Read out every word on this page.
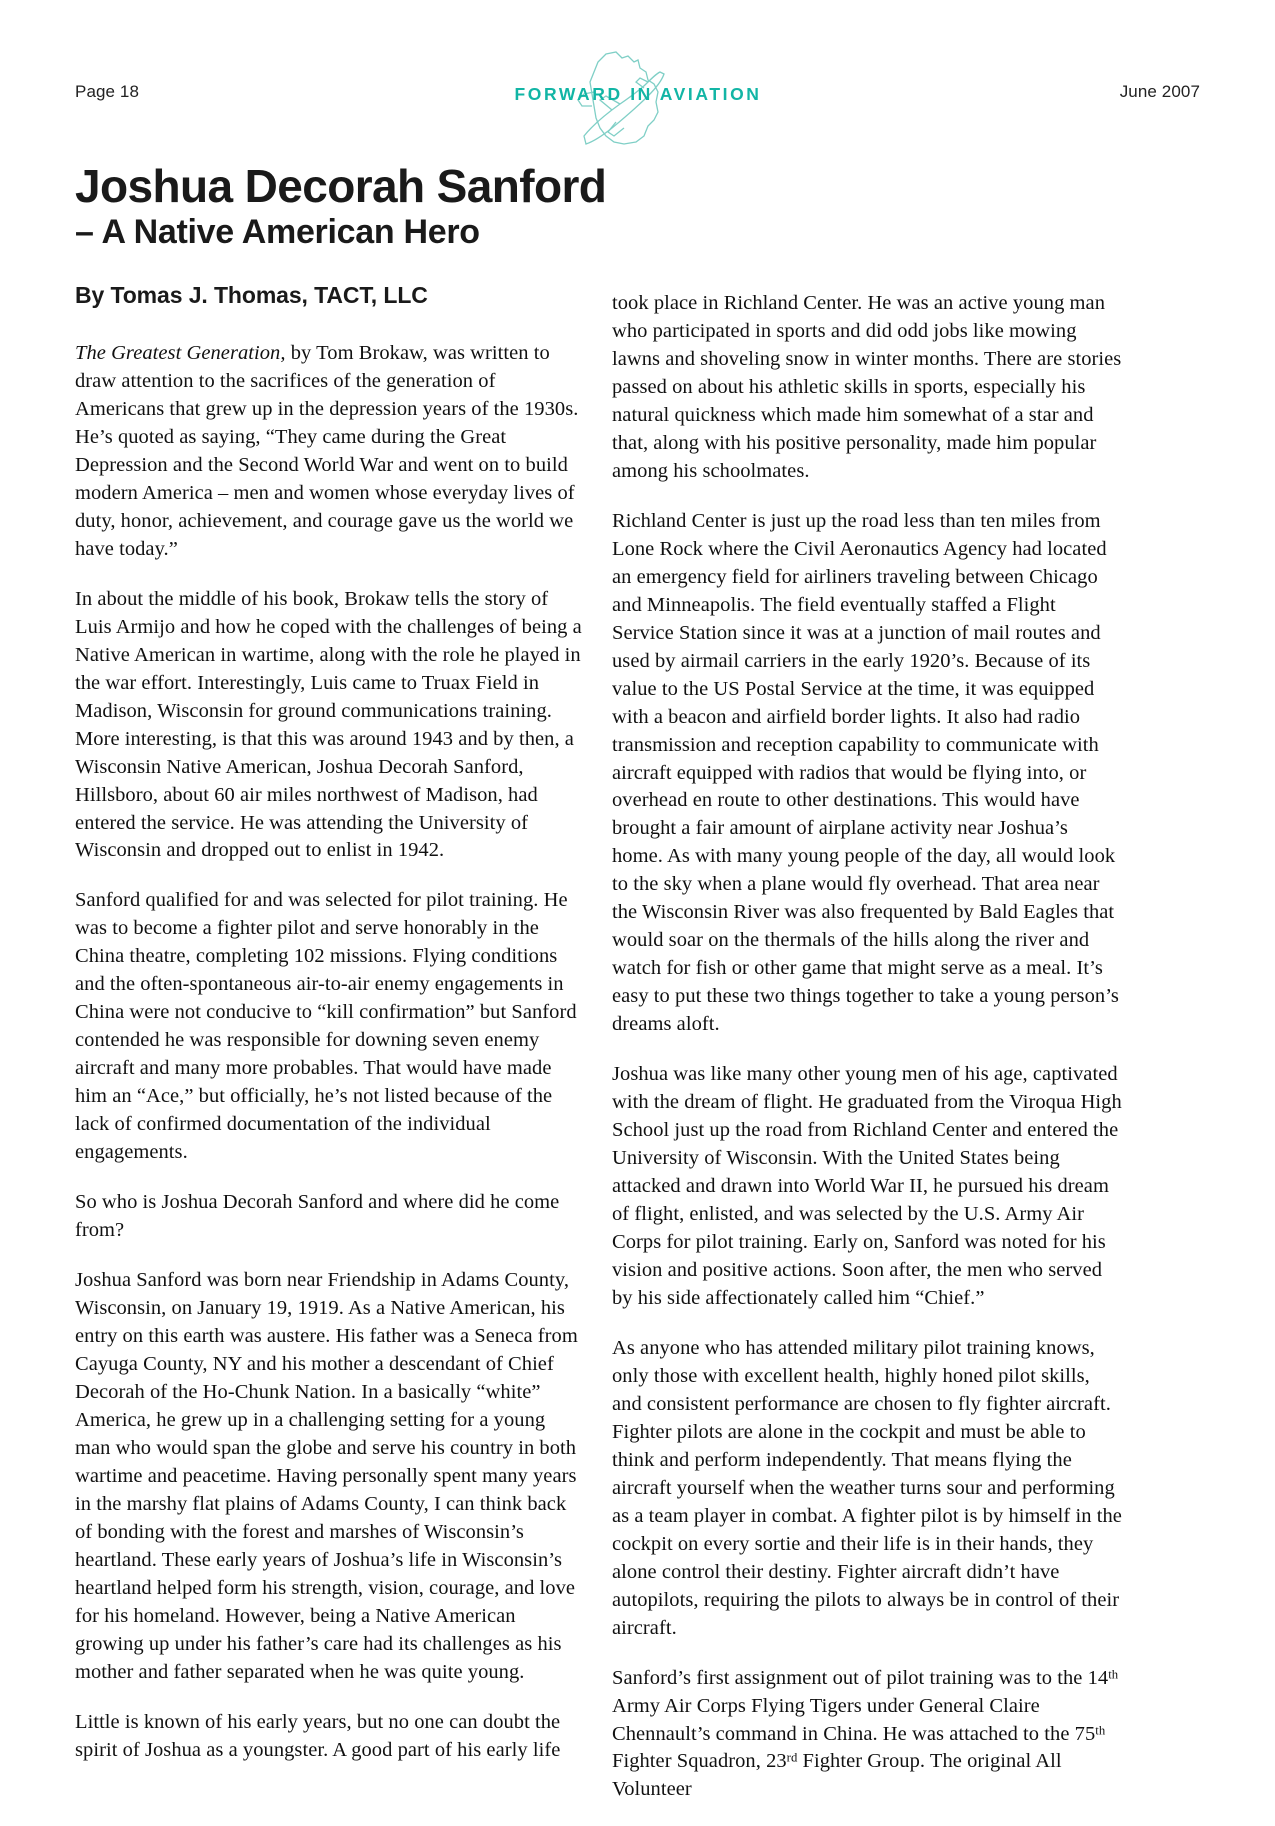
Page 18	FORWARD IN AVIATION	June 2007
Joshua Decorah Sanford
– A Native American Hero
By Tomas J. Thomas, TACT, LLC

The Greatest Generation, by Tom Brokaw, was written to draw attention to the sacrifices of the generation of Americans that grew up in the depression years of the 1930s. He’s quoted as saying, “They came during the Great Depression and the Second World War and went on to build modern America – men and women whose everyday lives of duty, honor, achievement, and courage gave us the world we have today.”

In about the middle of his book, Brokaw tells the story of Luis Armijo and how he coped with the challenges of being a Native American in wartime, along with the role he played in the war effort. Interestingly, Luis came to Truax Field in Madison, Wisconsin for ground communications training. More interesting, is that this was around 1943 and by then, a Wisconsin Native American, Joshua Decorah Sanford, Hillsboro, about 60 air miles northwest of Madison, had entered the service. He was attending the University of Wisconsin and dropped out to enlist in 1942.

Sanford qualified for and was selected for pilot training. He was to become a fighter pilot and serve honorably in the China theatre, completing 102 missions. Flying conditions and the often-spontaneous air-to-air enemy engagements in China were not conducive to “kill confirmation” but Sanford contended he was responsible for downing seven enemy aircraft and many more probables. That would have made him an “Ace,” but officially, he’s not listed because of the lack of confirmed documentation of the individual engagements.

So who is Joshua Decorah Sanford and where did he come from?

Joshua Sanford was born near Friendship in Adams County, Wisconsin, on January 19, 1919. As a Native American, his entry on this earth was austere. His father was a Seneca from Cayuga County, NY and his mother a descendant of Chief Decorah of the Ho-Chunk Nation. In a basically “white” America, he grew up in a challenging setting for a young man who would span the globe and serve his country in both wartime and peacetime. Having personally spent many years in the marshy flat plains of Adams County, I can think back of bonding with the forest and marshes of Wisconsin’s heartland. These early years of Joshua’s life in Wisconsin’s heartland helped form his strength, vision, courage, and love for his homeland. However, being a Native American growing up under his father’s care had its challenges as his mother and father separated when he was quite young.

Little is known of his early years, but no one can doubt the spirit of Joshua as a youngster. A good part of his early life

took place in Richland Center. He was an active young man who participated in sports and did odd jobs like mowing lawns and shoveling snow in winter months. There are stories passed on about his athletic skills in sports, especially his natural quickness which made him somewhat of a star and that, along with his positive personality, made him popular among his schoolmates.

Richland Center is just up the road less than ten miles from Lone Rock where the Civil Aeronautics Agency had located an emergency field for airliners traveling between Chicago and Minneapolis. The field eventually staffed a Flight Service Station since it was at a junction of mail routes and used by airmail carriers in the early 1920’s. Because of its value to the US Postal Service at the time, it was equipped with a beacon and airfield border lights. It also had radio transmission and reception capability to communicate with aircraft equipped with radios that would be flying into, or overhead en route to other destinations. This would have brought a fair amount of airplane activity near Joshua’s home. As with many young people of the day, all would look to the sky when a plane would fly overhead. That area near the Wisconsin River was also frequented by Bald Eagles that would soar on the thermals of the hills along the river and watch for fish or other game that might serve as a meal. It’s easy to put these two things together to take a young person’s dreams aloft.

Joshua was like many other young men of his age, captivated with the dream of flight. He graduated from the Viroqua High School just up the road from Richland Center and entered the University of Wisconsin. With the United States being attacked and drawn into World War II, he pursued his dream of flight, enlisted, and was selected by the U.S. Army Air Corps for pilot training. Early on, Sanford was noted for his vision and positive actions. Soon after, the men who served by his side affectionately called him “Chief.”

As anyone who has attended military pilot training knows, only those with excellent health, highly honed pilot skills, and consistent performance are chosen to fly fighter aircraft. Fighter pilots are alone in the cockpit and must be able to think and perform independently. That means flying the aircraft yourself when the weather turns sour and performing as a team player in combat. A fighter pilot is by himself in the cockpit on every sortie and their life is in their hands, they alone control their destiny. Fighter aircraft didn’t have autopilots, requiring the pilots to always be in control of their aircraft.

Sanford’s first assignment out of pilot training was to the 14th Army Air Corps Flying Tigers under General Claire Chennault’s command in China. He was attached to the 75th Fighter Squadron, 23rd Fighter Group. The original All Volunteer
